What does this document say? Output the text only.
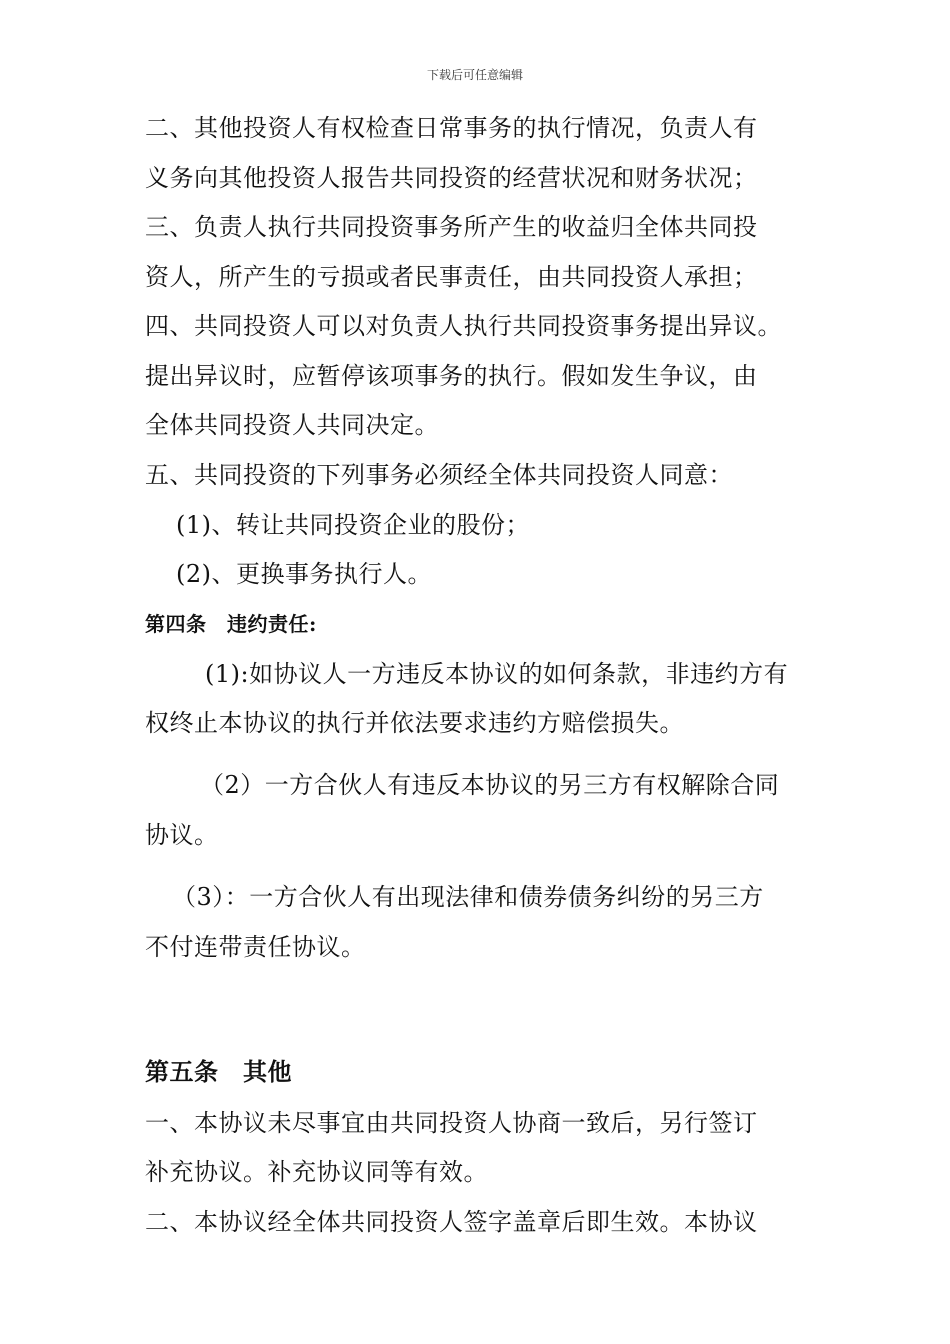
下载后可任意编辑
二、其他投资人有权检查日常事务的执行情况，负责人有
义务向其他投资人报告共同投资的经营状况和财务状况；
三、负责人执行共同投资事务所产生的收益归全体共同投
资人，所产生的亏损或者民事责任，由共同投资人承担；
四、共同投资人可以对负责人执行共同投资事务提出异议。
提出异议时，应暂停该项事务的执行。假如发生争议，由
全体共同投资人共同决定。
五、共同投资的下列事务必须经全体共同投资人同意：
(1)、转让共同投资企业的股份；
(2)、更换事务执行人。
第四条　违约责任:
(1):如协议人一方违反本协议的如何条款，非违约方有
权终止本协议的执行并依法要求违约方赔偿损失。
（2）一方合伙人有违反本协议的另三方有权解除合同
协议。
（3）：一方合伙人有出现法律和债券债务纠纷的另三方
不付连带责任协议。
第五条　其他
一、本协议未尽事宜由共同投资人协商一致后，另行签订
补充协议。补充协议同等有效。
二、本协议经全体共同投资人签字盖章后即生效。本协议
